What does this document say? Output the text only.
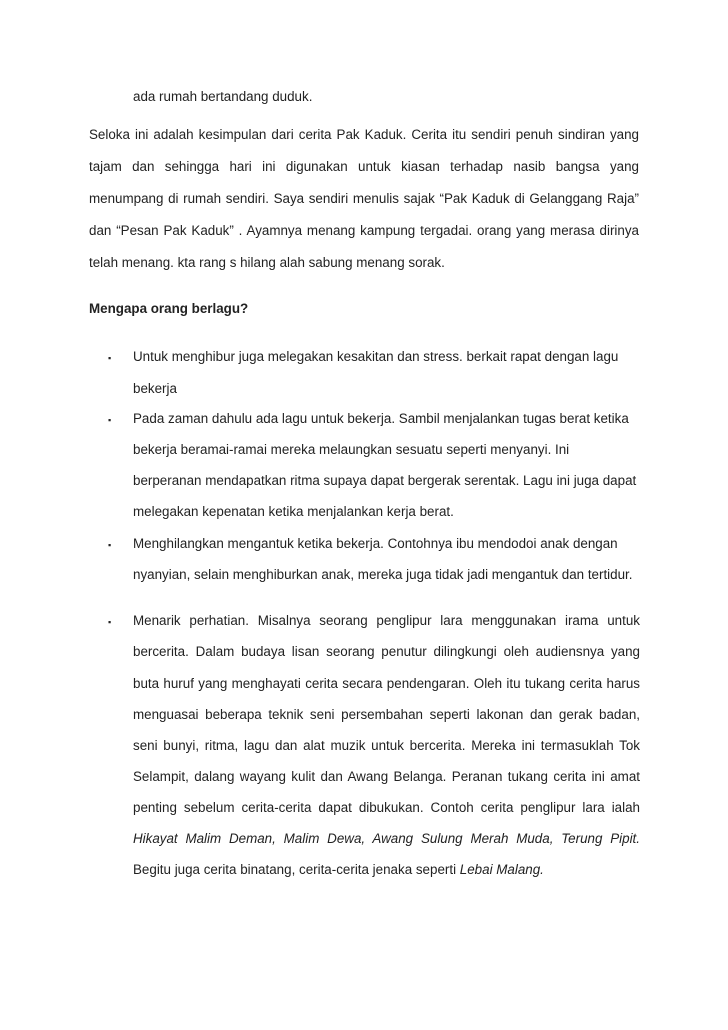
ada rumah bertandang duduk.

Seloka ini adalah kesimpulan dari cerita Pak Kaduk. Cerita itu sendiri penuh sindiran yang

tajam dan sehingga hari ini digunakan untuk kiasan terhadap nasib bangsa yang

menumpang di rumah sendiri. Saya sendiri menulis sajak “Pak Kaduk di Gelanggang Raja”

dan “Pesan Pak Kaduk” . Ayamnya menang kampung tergadai. orang yang merasa dirinya

telah menang. kta rang s hilang alah sabung menang sorak.

Mengapa orang berlagu?

▪ Untuk menghibur juga melegakan kesakitan dan stress. berkait rapat dengan lagu

bekerja

▪ Pada zaman dahulu ada lagu untuk bekerja. Sambil menjalankan tugas berat ketika

bekerja beramai-ramai mereka melaungkan sesuatu seperti menyanyi. Ini

berperanan mendapatkan ritma supaya dapat bergerak serentak. Lagu ini juga dapat

melegakan kepenatan ketika menjalankan kerja berat.

▪ Menghilangkan mengantuk ketika bekerja. Contohnya ibu mendodoi anak dengan

nyanyian, selain menghiburkan anak, mereka juga tidak jadi mengantuk dan tertidur.

▪ Menarik perhatian. Misalnya seorang penglipur lara menggunakan irama untuk

bercerita. Dalam budaya lisan seorang penutur dilingkungi oleh audiensnya yang

buta huruf yang menghayati cerita secara pendengaran. Oleh itu tukang cerita harus

menguasai beberapa teknik seni persembahan seperti lakonan dan gerak badan,

seni bunyi, ritma, lagu dan alat muzik untuk bercerita. Mereka ini termasuklah Tok

Selampit, dalang wayang kulit dan Awang Belanga. Peranan tukang cerita ini amat

penting sebelum cerita-cerita dapat dibukukan. Contoh cerita penglipur lara ialah

Hikayat Malim Deman, Malim Dewa, Awang Sulung Merah Muda, Terung Pipit.

Begitu juga cerita binatang, cerita-cerita jenaka seperti Lebai Malang.
